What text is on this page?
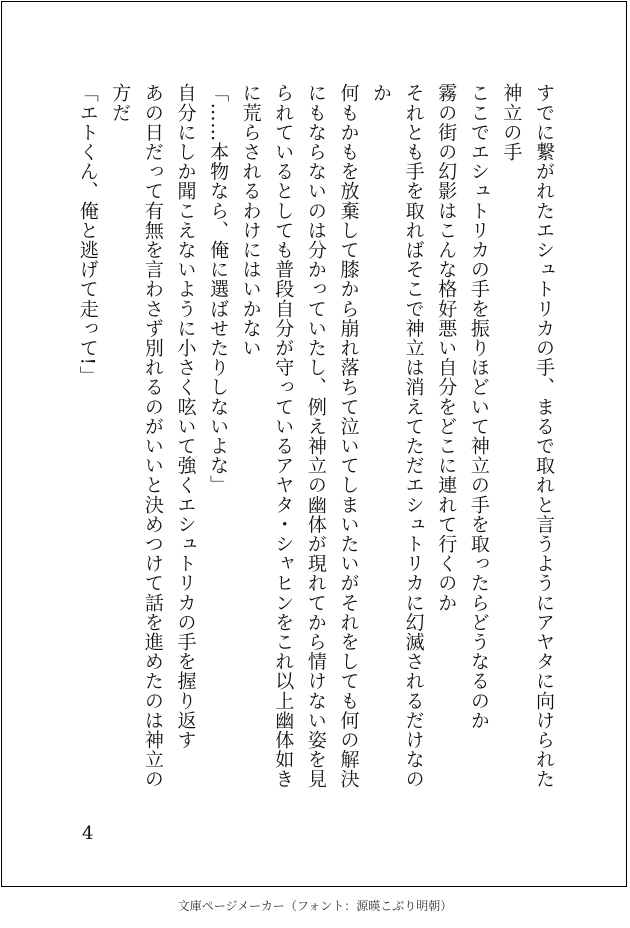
すでに繋がれたエシュトリカの手、まるで取れと言うようにアヤタに向けられた
神立の手
ここでエシュトリカの手を振りほどいて神立の手を取ったらどうなるのか
霧の街の幻影はこんな格好悪い自分をどこに連れて行くのか
それとも手を取ればそこで神立は消えてただエシュトリカに幻滅されるだけなの
か
何もかもを放棄して膝から崩れ落ちて泣いてしまいたいがそれをしても何の解決
にもならないのは分かっていたし、例え神立の幽体が現れてから情けない姿を見
られているとしても普段自分が守っているアヤタ・シャヒンをこれ以上幽体如き
に荒らされるわけにはいかない
「……本物なら、俺に選ばせたりしないよな」
自分にしか聞こえないように小さく呟いて強くエシュトリカの手を握り返す
あの日だって有無を言わさず別れるのがいいと決めつけて話を進めたのは神立の
方だ
「エトくん、俺と逃げて走って!」
4
文庫ページメーカー（フォント：源暎こぶり明朝）
